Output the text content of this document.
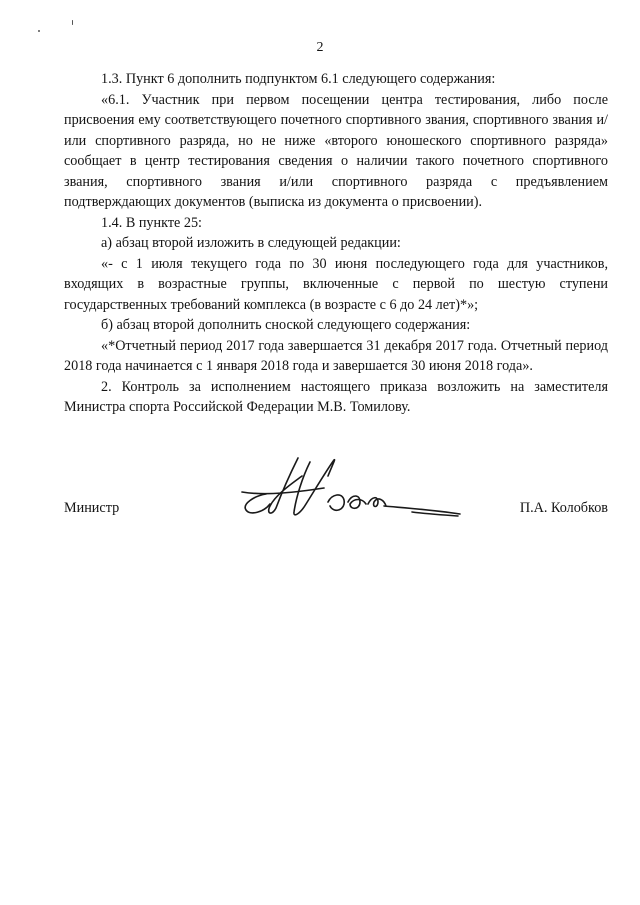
2

1.3. Пункт 6 дополнить подпунктом 6.1 следующего содержания:

«6.1. Участник при первом посещении центра тестирования, либо после присвоения ему соответствующего почетного спортивного звания, спортивного звания и/или спортивного разряда, но не ниже «второго юношеского спортивного разряда» сообщает в центр тестирования сведения о наличии такого почетного спортивного звания, спортивного звания и/или спортивного разряда с предъявлением подтверждающих документов (выписка из документа о присвоении).

1.4. В пункте 25:

а) абзац второй изложить в следующей редакции:

«- с 1 июля текущего года по 30 июня последующего года для участников, входящих в возрастные группы, включенные с первой по шестую ступени государственных требований комплекса (в возрасте с 6 до 24 лет)*»;

б) абзац второй дополнить сноской следующего содержания:

«*Отчетный период 2017 года завершается 31 декабря 2017 года. Отчетный период 2018 года начинается с 1 января 2018 года и завершается 30 июня 2018 года».

2. Контроль за исполнением настоящего приказа возложить на заместителя Министра спорта Российской Федерации М.В. Томилову.

Министр	П.А. Колобков
